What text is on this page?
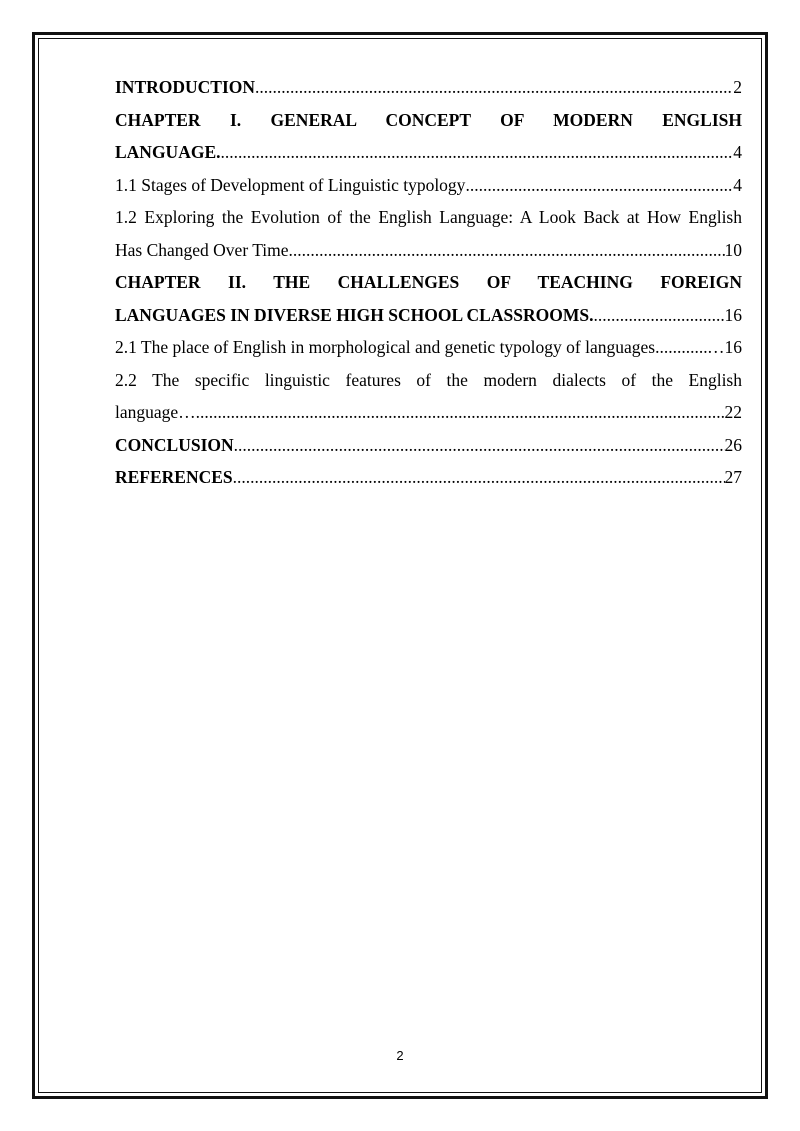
INTRODUCTION .....	2
CHAPTER I. GENERAL CONCEPT OF MODERN ENGLISH
LANGUAGE. .....	4
1.1 Stages of Development of Linguistic typology .....	4
1.2 Exploring the Evolution of the English Language: A Look Back at How English
Has Changed Over Time .....	10
CHAPTER II. THE CHALLENGES OF TEACHING FOREIGN
LANGUAGES IN DIVERSE HIGH SCHOOL CLASSROOMS. .....	16
2.1 The place of English in morphological and genetic typology of languages. .....	…16
2.2 The specific linguistic features of the modern dialects of the English
language… .....	22
CONCLUSION .....	26
REFERENCES .....	27
2
